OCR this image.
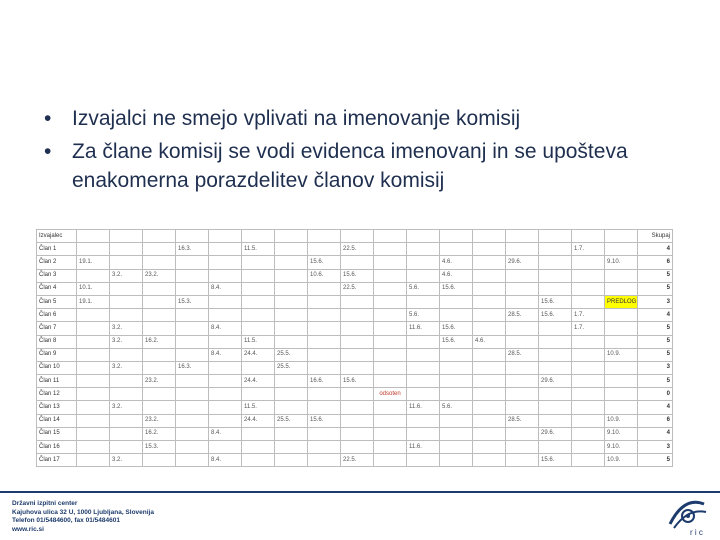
Izvajalec																		Skupaj
Član 1				16.3.		11.5.			22.5.							1.7.		4
Član 2	19.1.							15.6.				4.6.		29.6.			9.10.	6
Član 3		3.2.	23.2.					10.6.	15.6.			4.6.						5
Član 4	10.1.				8.4.				22.5.		5.6.	15.6.						5
Član 5	19.1.			15.3.											15.6.		PREDLOG	3
Član 6											5.6.			28.5.	15.6.	1.7.		4
Član 7		3.2.			8.4.						11.6.	15.6.				1.7.		5
Član 8		3.2.	16.2.			11.5.						15.6.	4.6.					5
Član 9					8.4.	24.4.	25.5.							28.5.			10.9.	5
Član 10		3.2.		16.3.			25.5.											3
Član 11			23.2.			24.4.		16.6.	15.6.						29.6.			5
Član 12										odsoten								0
Član 13		3.2.				11.5.					11.6.	5.6.						4
Član 14			23.2.			24.4.	25.5.	15.6.						28.5.			10.9.	6
Član 15			16.2.		8.4.										29.6.		9.10.	4
Član 16			15.3.								11.6.						9.10.	3
Član 17		3.2.			8.4.				22.5.						15.6.		10.9.	5
• Izvajalci ne smejo vplivati na imenovanje komisij
• Za člane komisij se vodi evidenca imenovanj in se upošteva enakomerna porazdelitev članov komisij
Državni izpitni center
Kajuhova ulica 32 U, 1000 Ljubljana, Slovenija
Telefon 01/5484600, fax 01/5484601
www.ric.si	r i c
